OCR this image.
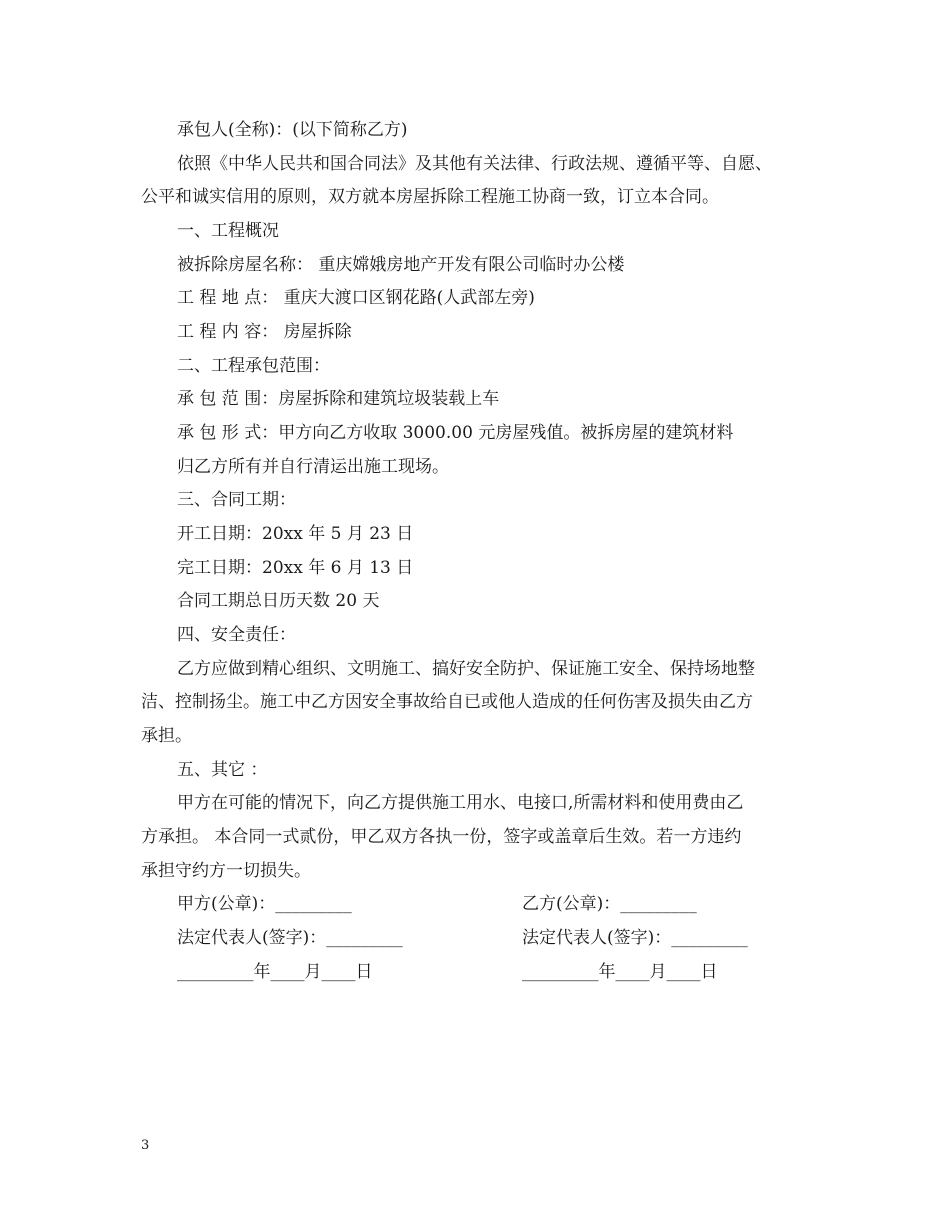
承包人(全称)：(以下简称乙方)
依照《中华人民共和国合同法》及其他有关法律、行政法规、遵循平等、自愿、
公平和诚实信用的原则，双方就本房屋拆除工程施工协商一致，订立本合同。
一、工程概况
被拆除房屋名称： 重庆嫦娥房地产开发有限公司临时办公楼
工 程 地 点： 重庆大渡口区钢花路(人武部左旁)
工 程 内 容： 房屋拆除
二、工程承包范围：
承 包 范 围：房屋拆除和建筑垃圾装载上车
承 包 形 式：甲方向乙方收取 3000.00 元房屋残值。被拆房屋的建筑材料
归乙方所有并自行清运出施工现场。
三、合同工期：
开工日期：20xx 年 5 月 23 日
完工日期：20xx 年 6 月 13 日
合同工期总日历天数 20 天
四、安全责任：
乙方应做到精心组织、文明施工、搞好安全防护、保证施工安全、保持场地整
洁、控制扬尘。施工中乙方因安全事故给自已或他人造成的任何伤害及损失由乙方
承担。
五、其它 ：
甲方在可能的情况下，向乙方提供施工用水、电接口,所需材料和使用费由乙
方承担。 本合同一式贰份，甲乙双方各执一份，签字或盖章后生效。若一方违约
承担守约方一切损失。
甲方(公章)：_________	乙方(公章)：_________
法定代表人(签字)：_________	法定代表人(签字)：_________
_________年____月____日	_________年____月____日
3
